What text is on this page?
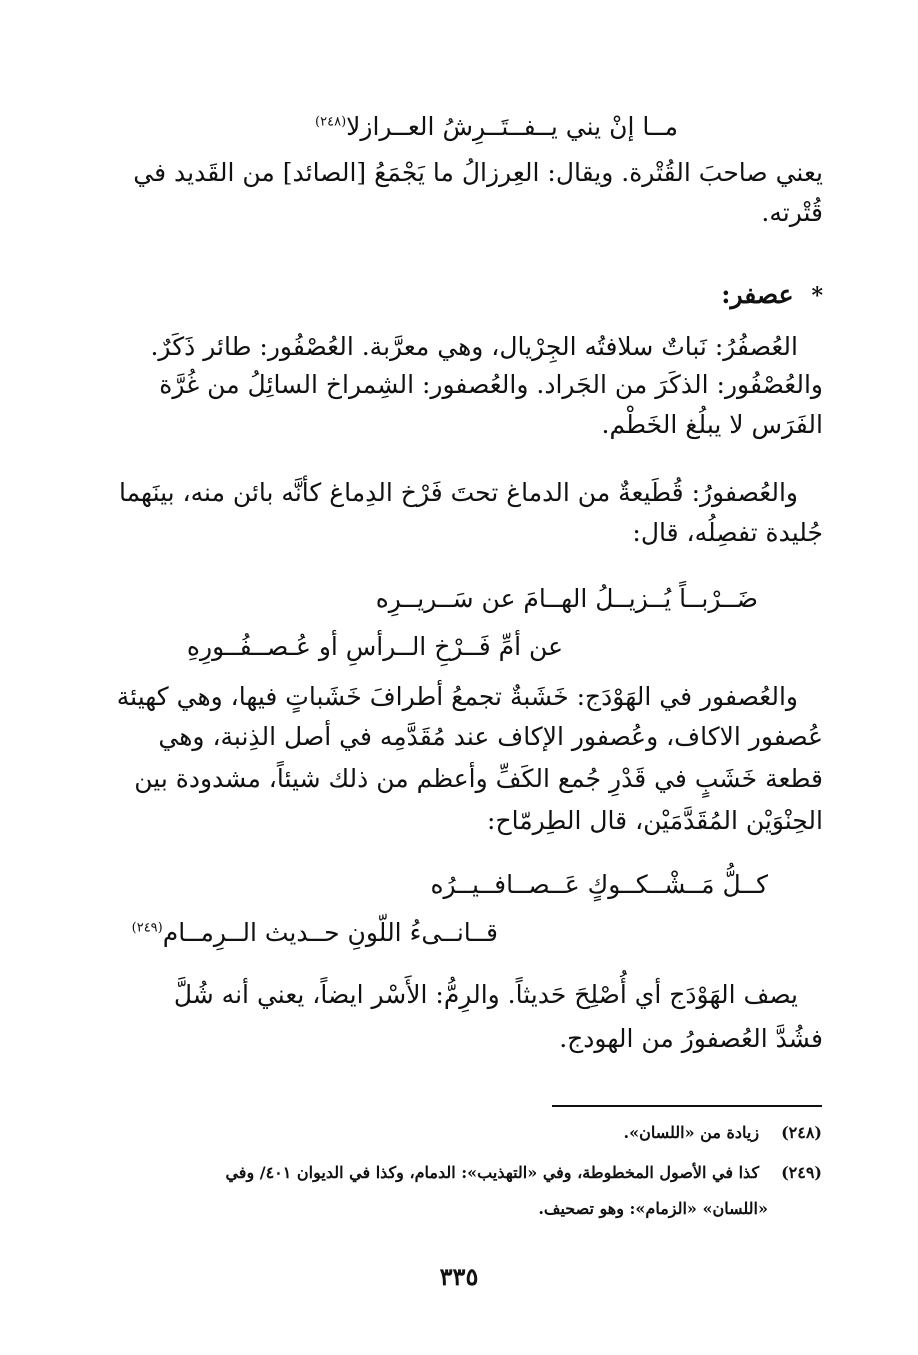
مــا إنْ يني يــفــتَــرِشُ العــرازلا$^{(٢٤٨)}$
يعني صاحبَ القُتْرة. ويقال: العِرزالُ ما يَجْمَعُ [الصائد] من القَديد في
قُتْرته.
*عصفر:
العُصفُرُ: نَباتٌ سلافتُه الجِرْيال، وهي معرَّبة. العُصْفُور: طائر ذَكَرٌ.
والعُصْفُور: الذكَرَ من الجَراد. والعُصفور: الشِمراخ السائِلُ من غُرَّة
الفَرَس لا يبلُغ الخَطْم.
والعُصفورُ: قُطَيعةٌ من الدماغ تحتَ فَرْخ الدِماغ كأنَّه بائن منه، بينَهما
جُليدة تفصِلُه، قال:
ضَــرْبــاً يُــزيــلُ الهــامَ عن سَــريــرِه
عن أمِّ فَــرْخِ الــرأسِ أو عُـصــفُــورِهِ
والعُصفور في الهَوْدَج: خَشَبةٌ تجمعُ أطرافَ خَشَباتٍ فيها، وهي كهيئة
عُصفور الاكاف، وعُصفور الإكاف عند مُقَدَّمِه في أصل الذِنبة، وهي
قطعة خَشَبٍ في قَدْرِ جُمع الكَفِّ وأعظم من ذلك شيئاً، مشدودة بين
الحِنْوَيْن المُقَدَّمَيْن، قال الطِرمّاح:
كــلُّ مَــشْــكــوكٍ عَــصــافــيــرُه
قــانــىءُ اللّونِ حــديث الــرِمــام$^{(٢٤٩)}$
يصف الهَوْدَج أي أُصْلِحَ حَديثاً. والرِمُّ: الأَسْر ايضاً، يعني أنه شُلَّ
فشُدَّ العُصفورُ من الهودج.
(٢٤٨)زيادة من «اللسان».
(٢٤٩)كذا في الأصول المخطوطة، وفي «التهذيب»: الدمام، وكذا في الديوان ٤٠١/ وفي
«اللسان» «الزمام»: وهو تصحيف.
٣٣٥
